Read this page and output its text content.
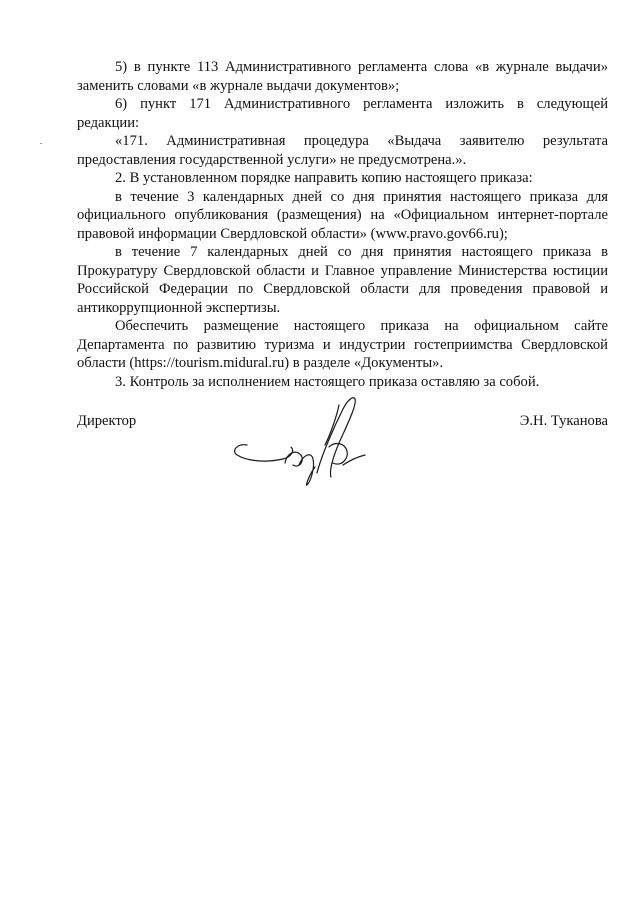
5) в пункте 113 Административного регламента слова «в журнале выдачи» заменить словами «в журнале выдачи документов»;

6) пункт 171 Административного регламента изложить в следующей редакции:

«171. Административная процедура «Выдача заявителю результата предоставления государственной услуги» не предусмотрена.».

2. В установленном порядке направить копию настоящего приказа:

в течение 3 календарных дней со дня принятия настоящего приказа для официального опубликования (размещения) на «Официальном интернет-портале правовой информации Свердловской области» (www.pravo.gov66.ru);

в течение 7 календарных дней со дня принятия настоящего приказа в Прокуратуру Свердловской области и Главное управление Министерства юстиции Российской Федерации по Свердловской области для проведения правовой и антикоррупционной экспертизы.

Обеспечить размещение настоящего приказа на официальном сайте Департамента по развитию туризма и индустрии гостеприимства Свердловской области (https://tourism.midural.ru) в разделе «Документы».

3. Контроль за исполнением настоящего приказа оставляю за собой.

Директор	Э.Н. Туканова
